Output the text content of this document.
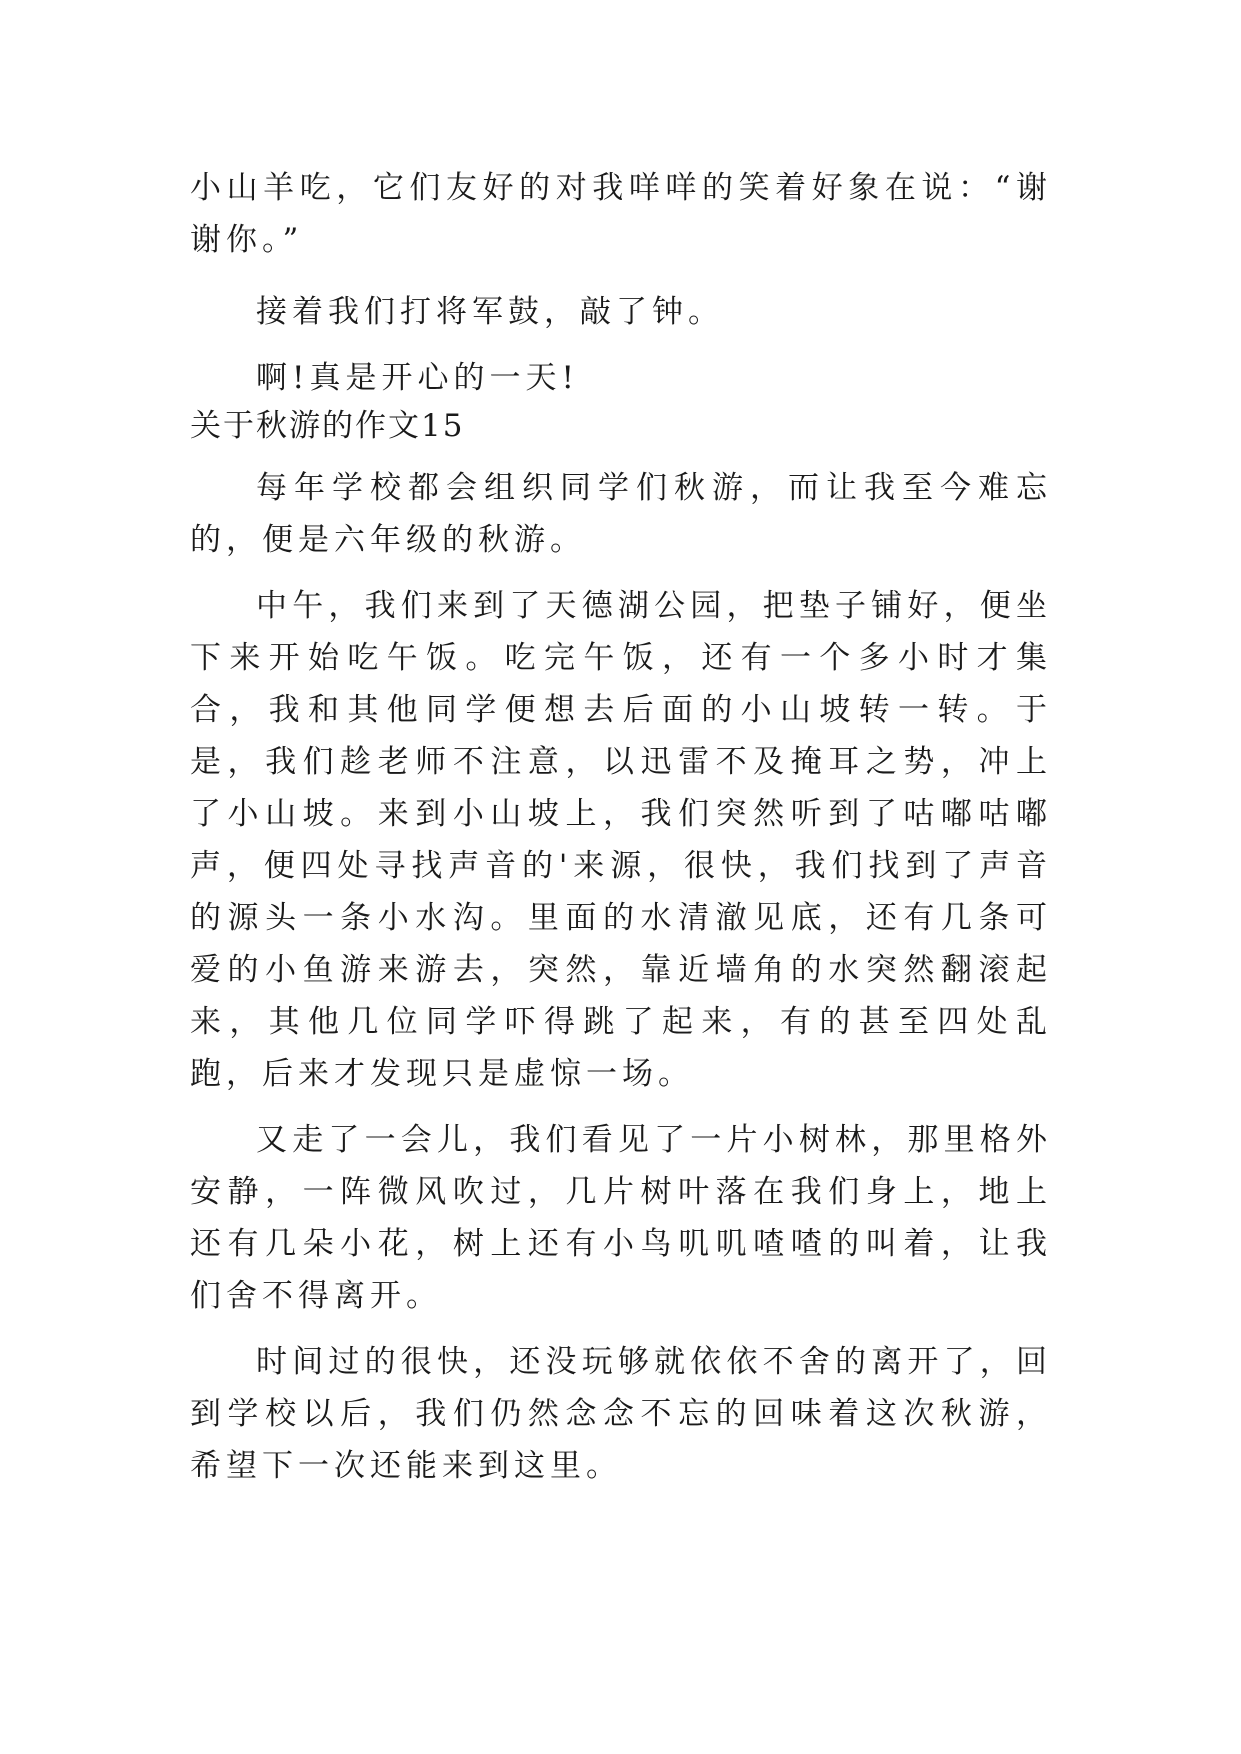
小山羊吃，它们友好的对我咩咩的笑着好象在说：“谢谢你。”

接着我们打将军鼓，敲了钟。

啊!真是开心的一天!

关于秋游的作文15

每年学校都会组织同学们秋游，而让我至今难忘的，便是六年级的秋游。

中午，我们来到了天德湖公园，把垫子铺好，便坐下来开始吃午饭。吃完午饭，还有一个多小时才集合，我和其他同学便想去后面的小山坡转一转。于是，我们趁老师不注意，以迅雷不及掩耳之势，冲上了小山坡。来到小山坡上，我们突然听到了咕嘟咕嘟声，便四处寻找声音的'来源，很快，我们找到了声音的源头一条小水沟。里面的水清澈见底，还有几条可爱的小鱼游来游去，突然，靠近墙角的水突然翻滚起来，其他几位同学吓得跳了起来，有的甚至四处乱跑，后来才发现只是虚惊一场。

又走了一会儿，我们看见了一片小树林，那里格外安静，一阵微风吹过，几片树叶落在我们身上，地上还有几朵小花，树上还有小鸟叽叽喳喳的叫着，让我们舍不得离开。

时间过的很快，还没玩够就依依不舍的离开了，回到学校以后，我们仍然念念不忘的回味着这次秋游，希望下一次还能来到这里。
